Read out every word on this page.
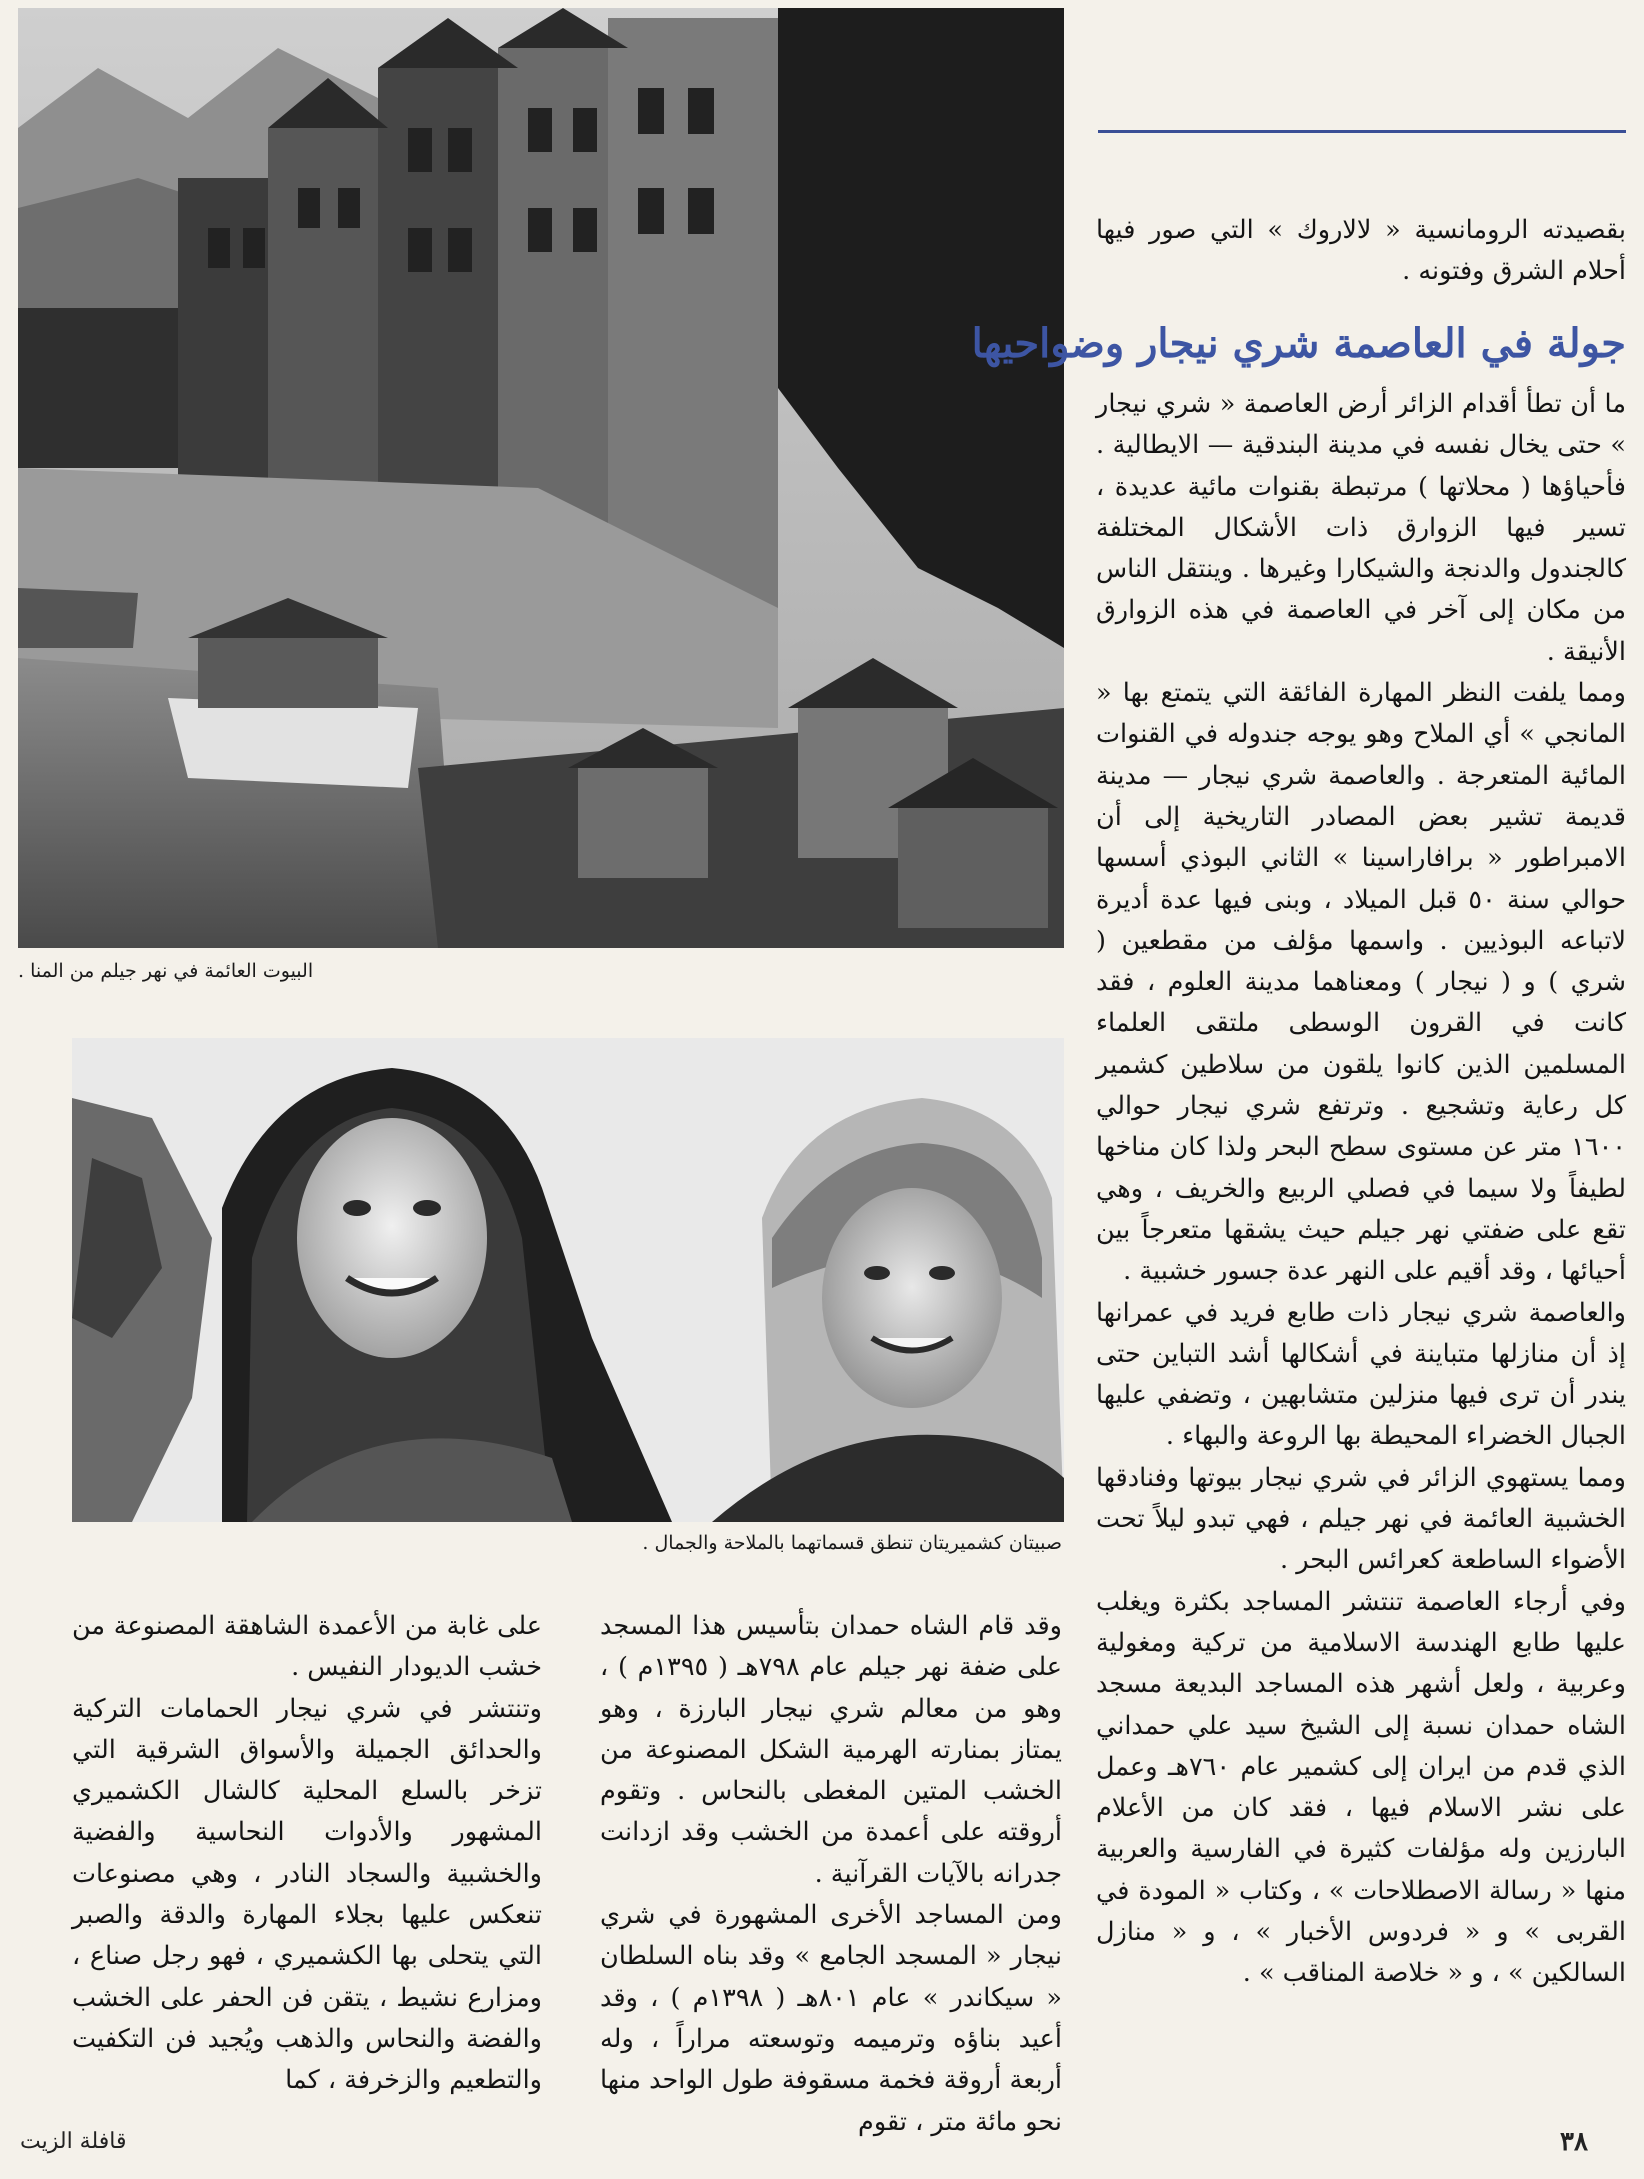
البيوت العائمة في نهر جيلم من المنا .
صبيتان كشميريتان تنطق قسماتهما بالملاحة والجمال .

بقصيدته الرومانسية « لالاروك » التي صور فيها أحلام الشرق وفتونه .

جولة في العاصمة شري نيجار وضواحيها

ما أن تطأ أقدام الزائر أرض العاصمة « شري نيجار » حتى يخال نفسه في مدينة البندقية — الايطالية . فأحياؤها ( محلاتها ) مرتبطة بقنوات مائية عديدة ، تسير فيها الزوارق ذات الأشكال المختلفة كالجندول والدنجة والشيكارا وغيرها . وينتقل الناس من مكان إلى آخر في العاصمة في هذه الزوارق الأنيقة .

ومما يلفت النظر المهارة الفائقة التي يتمتع بها « المانجي » أي الملاح وهو يوجه جندوله في القنوات المائية المتعرجة . والعاصمة شري نيجار — مدينة قديمة تشير بعض المصادر التاريخية إلى أن الامبراطور « برافاراسينا » الثاني البوذي أسسها حوالي سنة ٥٠ قبل الميلاد ، وبنى فيها عدة أديرة لاتباعه البوذيين . واسمها مؤلف من مقطعين ( شري ) و ( نيجار ) ومعناهما مدينة العلوم ، فقد كانت في القرون الوسطى ملتقى العلماء المسلمين الذين كانوا يلقون من سلاطين كشمير كل رعاية وتشجيع . وترتفع شري نيجار حوالي ١٦٠٠ متر عن مستوى سطح البحر ولذا كان مناخها لطيفاً ولا سيما في فصلي الربيع والخريف ، وهي تقع على ضفتي نهر جيلم حيث يشقها متعرجاً بين أحيائها ، وقد أقيم على النهر عدة جسور خشبية .

والعاصمة شري نيجار ذات طابع فريد في عمرانها إذ أن منازلها متباينة في أشكالها أشد التباين حتى يندر أن ترى فيها منزلين متشابهين ، وتضفي عليها الجبال الخضراء المحيطة بها الروعة والبهاء .

ومما يستهوي الزائر في شري نيجار بيوتها وفنادقها الخشبية العائمة في نهر جيلم ، فهي تبدو ليلاً تحت الأضواء الساطعة كعرائس البحر .

وفي أرجاء العاصمة تنتشر المساجد بكثرة ويغلب عليها طابع الهندسة الاسلامية من تركية ومغولية وعربية ، ولعل أشهر هذه المساجد البديعة مسجد الشاه حمدان نسبة إلى الشيخ سيد علي حمداني الذي قدم من ايران إلى كشمير عام ٧٦٠هـ وعمل على نشر الاسلام فيها ، فقد كان من الأعلام البارزين وله مؤلفات كثيرة في الفارسية والعربية منها « رسالة الاصطلاحات » ، وكتاب « المودة في القربى » و « فردوس الأخبار » ، و « منازل السالكين » ، و « خلاصة المناقب » .

وقد قام الشاه حمدان بتأسيس هذا المسجد على ضفة نهر جيلم عام ٧٩٨هـ ( ١٣٩٥م ) ، وهو من معالم شري نيجار البارزة ، وهو يمتاز بمنارته الهرمية الشكل المصنوعة من الخشب المتين المغطى بالنحاس . وتقوم أروقته على أعمدة من الخشب وقد ازدانت جدرانه بالآيات القرآنية .

ومن المساجد الأخرى المشهورة في شري نيجار « المسجد الجامع » وقد بناه السلطان « سيكاندر » عام ٨٠١هـ ( ١٣٩٨م ) ، وقد أعيد بناؤه وترميمه وتوسعته مراراً ، وله أربعة أروقة فخمة مسقوفة طول الواحد منها نحو مائة متر ، تقوم

على غابة من الأعمدة الشاهقة المصنوعة من خشب الديودار النفيس .

وتنتشر في شري نيجار الحمامات التركية والحدائق الجميلة والأسواق الشرقية التي تزخر بالسلع المحلية كالشال الكشميري المشهور والأدوات النحاسية والفضية والخشبية والسجاد النادر ، وهي مصنوعات تنعكس عليها بجلاء المهارة والدقة والصبر التي يتحلى بها الكشميري ، فهو رجل صناع ، ومزارع نشيط ، يتقن فن الحفر على الخشب والفضة والنحاس والذهب ويُجيد فن التكفيت والتطعيم والزخرفة ، كما

قافلة الزيت	٣٨
